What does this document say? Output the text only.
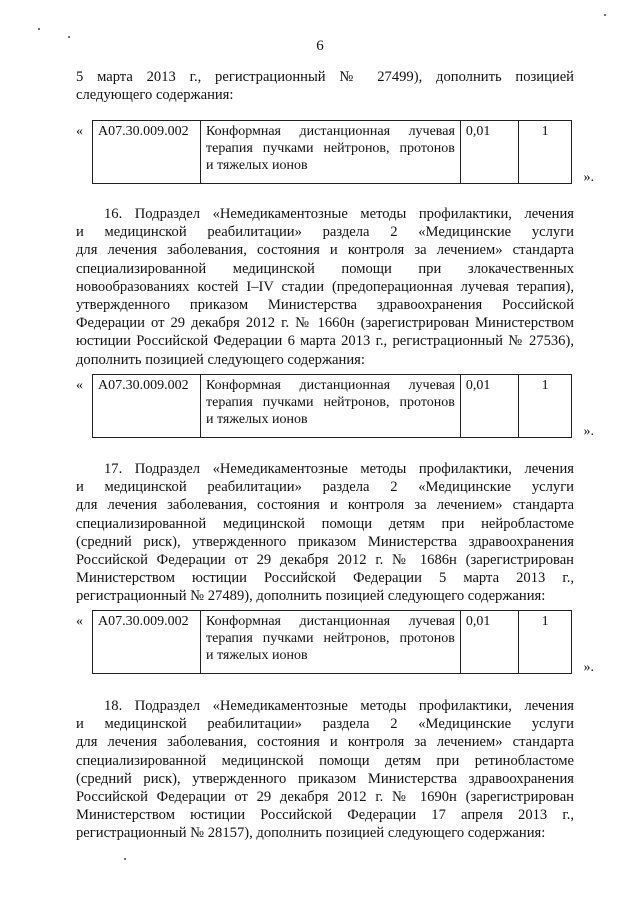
6
5 марта 2013 г., регистрационный № 27499), дополнить позицией
следующего содержания:
« A07.30.009.002	Конформная дистанционная лучевая
терапия пучками нейтронов, протонов
и тяжелых ионов
	0,01	1
».
16. Подраздел «Немедикаментозные методы профилактики, лечения
и медицинской реабилитации» раздела 2 «Медицинские услуги
для лечения заболевания, состояния и контроля за лечением» стандарта
специализированной медицинской помощи при злокачественных
новообразованиях костей I–IV стадии (предоперационная лучевая терапия),
утвержденного приказом Министерства здравоохранения Российской
Федерации от 29 декабря 2012 г. № 1660н (зарегистрирован Министерством
юстиции Российской Федерации 6 марта 2013 г., регистрационный № 27536),
дополнить позицией следующего содержания:
« A07.30.009.002	Конформная дистанционная лучевая
терапия пучками нейтронов, протонов
и тяжелых ионов
	0,01	1
».
17. Подраздел «Немедикаментозные методы профилактики, лечения
и медицинской реабилитации» раздела 2 «Медицинские услуги
для лечения заболевания, состояния и контроля за лечением» стандарта
специализированной медицинской помощи детям при нейробластоме
(средний риск), утвержденного приказом Министерства здравоохранения
Российской Федерации от 29 декабря 2012 г. № 1686н (зарегистрирован
Министерством юстиции Российской Федерации 5 марта 2013 г.,
регистрационный № 27489), дополнить позицией следующего содержания:
« A07.30.009.002	Конформная дистанционная лучевая
терапия пучками нейтронов, протонов
и тяжелых ионов
	0,01	1
».
18. Подраздел «Немедикаментозные методы профилактики, лечения
и медицинской реабилитации» раздела 2 «Медицинские услуги
для лечения заболевания, состояния и контроля за лечением» стандарта
специализированной медицинской помощи детям при ретинобластоме
(средний риск), утвержденного приказом Министерства здравоохранения
Российской Федерации от 29 декабря 2012 г. № 1690н (зарегистрирован
Министерством юстиции Российской Федерации 17 апреля 2013 г.,
регистрационный № 28157), дополнить позицией следующего содержания:
